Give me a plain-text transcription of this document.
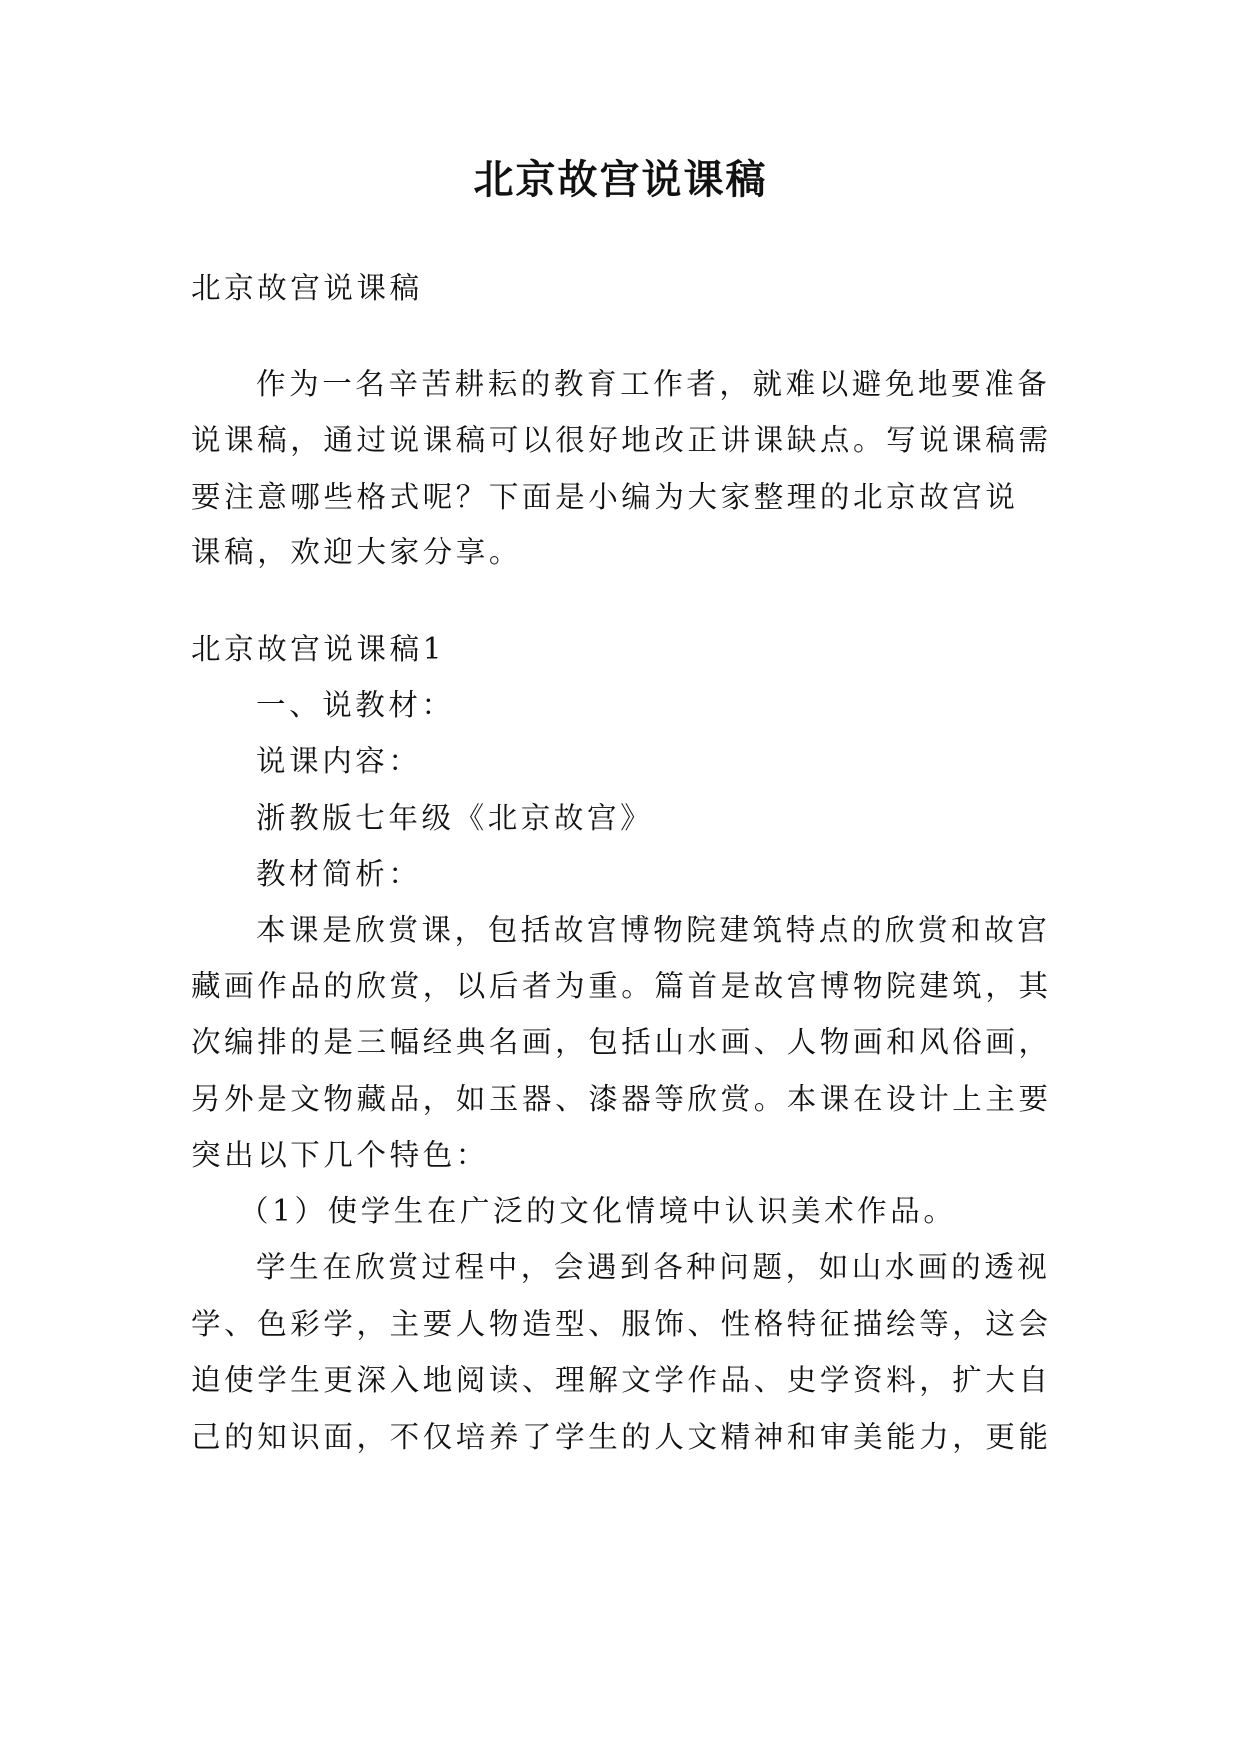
北京故宫说课稿
北京故宫说课稿
作为一名辛苦耕耘的教育工作者，就难以避免地要准备
说课稿，通过说课稿可以很好地改正讲课缺点。写说课稿需
要注意哪些格式呢？下面是小编为大家整理的北京故宫说
课稿，欢迎大家分享。
北京故宫说课稿1
一、说教材：
说课内容：
浙教版七年级《北京故宫》
教材简析：
本课是欣赏课，包括故宫博物院建筑特点的欣赏和故宫
藏画作品的欣赏，以后者为重。篇首是故宫博物院建筑，其
次编排的是三幅经典名画，包括山水画、人物画和风俗画，
另外是文物藏品，如玉器、漆器等欣赏。本课在设计上主要
突出以下几个特色：
（1）使学生在广泛的文化情境中认识美术作品。
学生在欣赏过程中，会遇到各种问题，如山水画的透视
学、色彩学，主要人物造型、服饰、性格特征描绘等，这会
迫使学生更深入地阅读、理解文学作品、史学资料，扩大自
己的知识面，不仅培养了学生的人文精神和审美能力，更能
